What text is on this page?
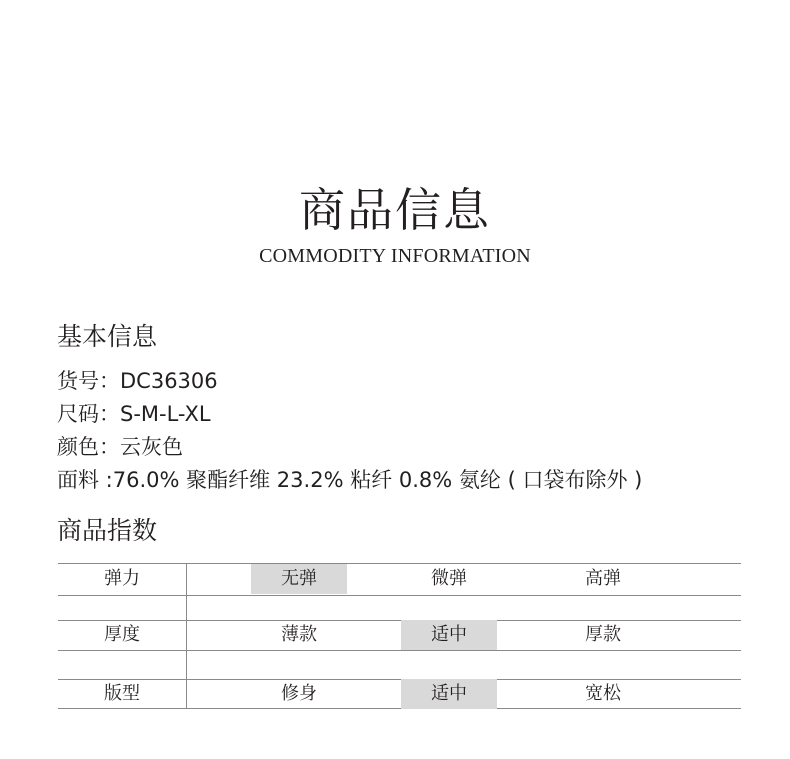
商品信息
COMMODITY INFORMATION
基本信息
货号：DC36306
尺码：S-M-L-XL
颜色：云灰色
面料 :76.0% 聚酯纤维 23.2% 粘纤 0.8% 氨纶 ( 口袋布除外 )
商品指数
弹力	无弹	微弹	高弹
厚度	薄款	适中	厚款
版型	修身	适中	宽松
